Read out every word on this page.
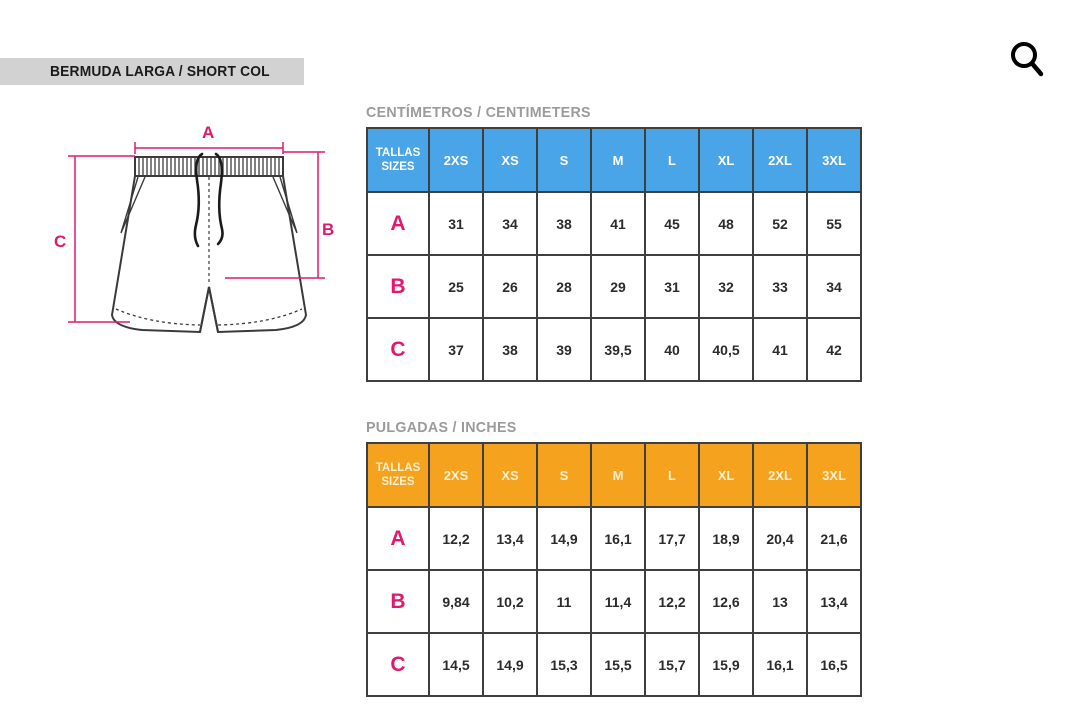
BERMUDA LARGA / SHORT COL
A
B
C
CENTÍMETROS / CENTIMETERS
TALLAS
SIZES	2XS	XS	S	M	L	XL	2XL	3XL
A	31	34	38	41	45	48	52	55
B	25	26	28	29	31	32	33	34
C	37	38	39	39,5	40	40,5	41	42
PULGADAS / INCHES
TALLAS
SIZES	2XS	XS	S	M	L	XL	2XL	3XL
A	12,2	13,4	14,9	16,1	17,7	18,9	20,4	21,6
B	9,84	10,2	11	11,4	12,2	12,6	13	13,4
C	14,5	14,9	15,3	15,5	15,7	15,9	16,1	16,5
